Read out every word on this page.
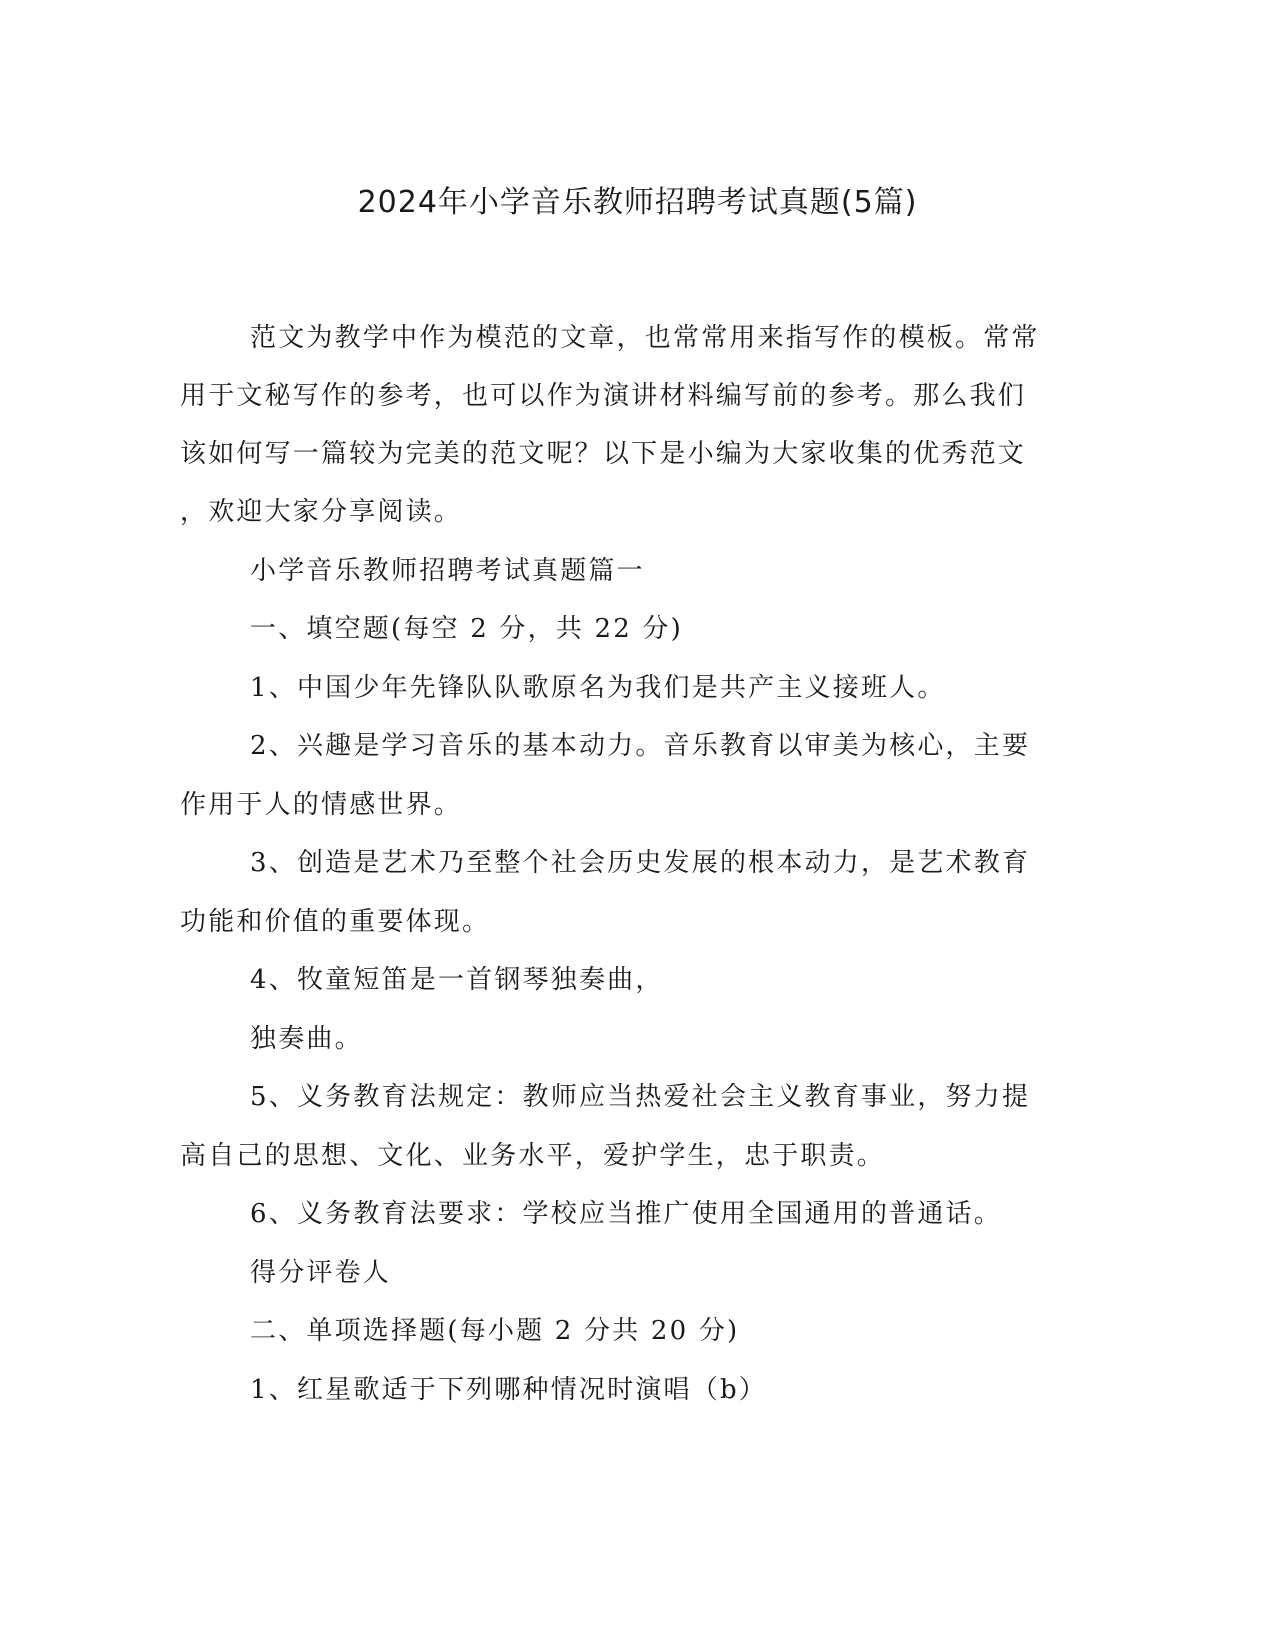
2024年小学音乐教师招聘考试真题(5篇)
范文为教学中作为模范的文章，也常常用来指写作的模板。常常
用于文秘写作的参考，也可以作为演讲材料编写前的参考。那么我们
该如何写一篇较为完美的范文呢？以下是小编为大家收集的优秀范文
，欢迎大家分享阅读。
小学音乐教师招聘考试真题篇一
一、填空题(每空 2 分，共 22 分)
1、中国少年先锋队队歌原名为我们是共产主义接班人。
2、兴趣是学习音乐的基本动力。音乐教育以审美为核心，主要
作用于人的情感世界。
3、创造是艺术乃至整个社会历史发展的根本动力，是艺术教育
功能和价值的重要体现。
4、牧童短笛是一首钢琴独奏曲，
独奏曲。
5、义务教育法规定：教师应当热爱社会主义教育事业，努力提
高自己的思想、文化、业务水平，爱护学生，忠于职责。
6、义务教育法要求：学校应当推广使用全国通用的普通话。
得分评卷人
二、单项选择题(每小题 2 分共 20 分)
1、红星歌适于下列哪种情况时演唱（b）
